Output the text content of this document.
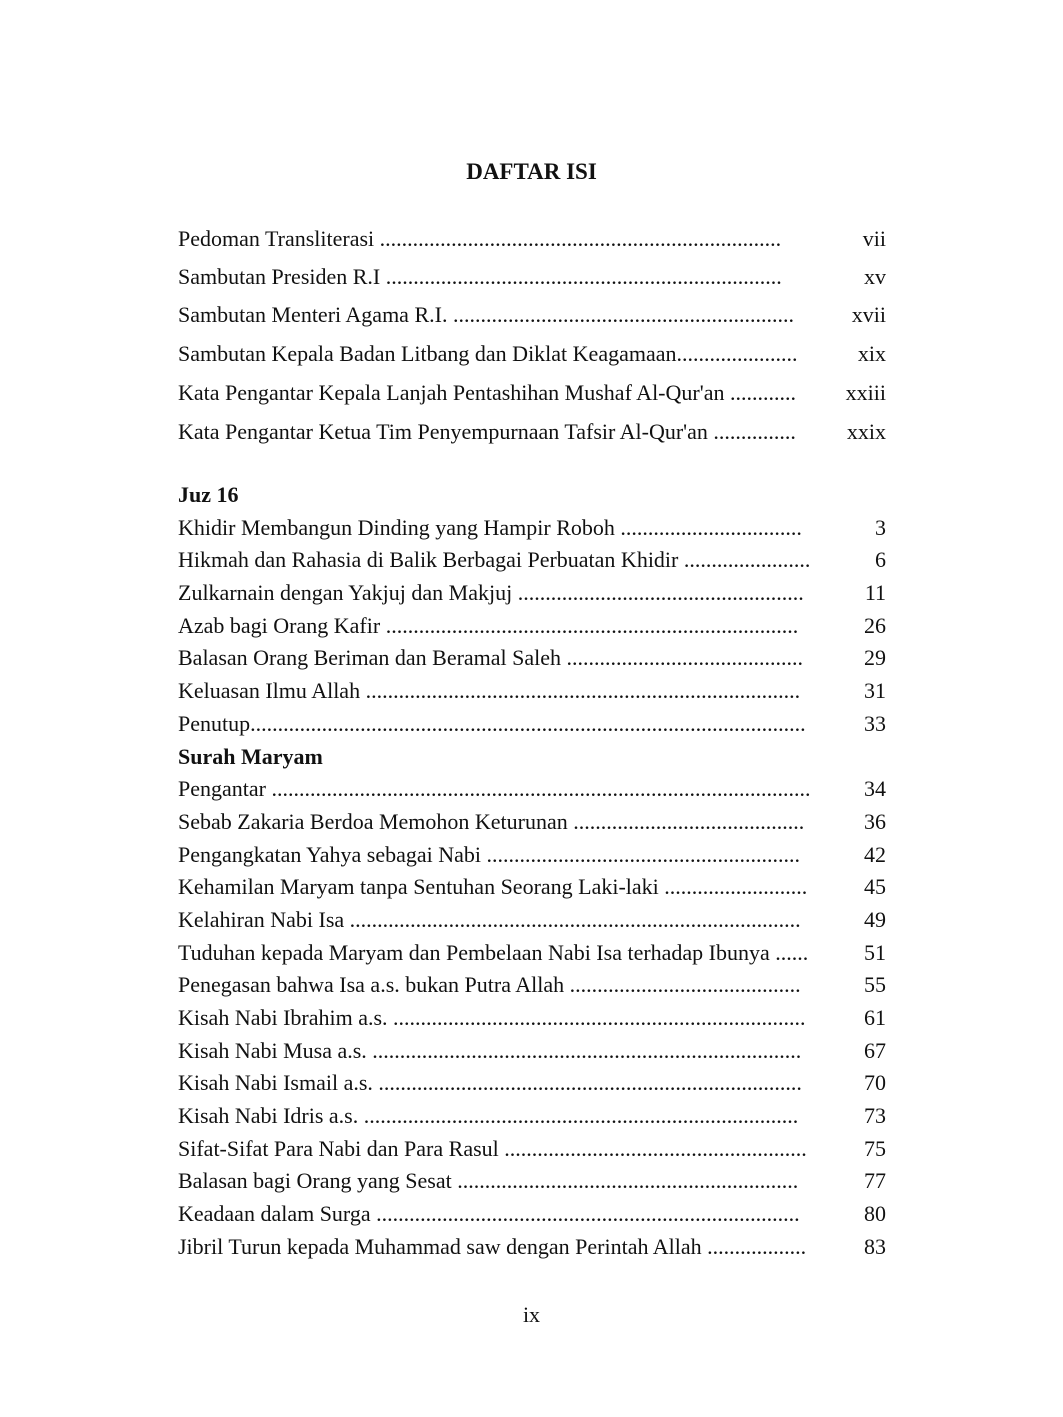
DAFTAR ISI
Pedoman Transliterasi .........................................................................	vii
Sambutan Presiden R.I ........................................................................	xv
Sambutan Menteri Agama R.I. ..............................................................	xvii
Sambutan Kepala Badan Litbang dan Diklat Keagamaan......................	xix
Kata Pengantar Kepala Lanjah Pentashihan Mushaf Al-Qur'an ............	xxiii
Kata Pengantar Ketua Tim Penyempurnaan Tafsir Al-Qur'an ...............	xxix
Juz 16
Khidir Membangun Dinding yang Hampir Roboh .................................	3
Hikmah dan Rahasia di Balik Berbagai Perbuatan Khidir .......................	6
Zulkarnain dengan Yakjuj dan Makjuj ....................................................	11
Azab bagi Orang Kafir ...........................................................................	26
Balasan Orang Beriman dan Beramal Saleh ...........................................	29
Keluasan Ilmu Allah ...............................................................................	31
Penutup.....................................................................................................	33
Surah Maryam
Pengantar ..................................................................................................	34
Sebab Zakaria Berdoa Memohon Keturunan ..........................................	36
Pengangkatan Yahya sebagai Nabi .........................................................	42
Kehamilan Maryam tanpa Sentuhan Seorang Laki-laki ..........................	45
Kelahiran Nabi Isa ..................................................................................	49
Tuduhan kepada Maryam dan Pembelaan Nabi Isa terhadap Ibunya ......	51
Penegasan bahwa Isa a.s. bukan Putra Allah ..........................................	55
Kisah Nabi Ibrahim a.s. ...........................................................................	61
Kisah Nabi Musa a.s. ..............................................................................	67
Kisah Nabi Ismail a.s. .............................................................................	70
Kisah Nabi Idris a.s. ...............................................................................	73
Sifat-Sifat Para Nabi dan Para Rasul .......................................................	75
Balasan bagi Orang yang Sesat ..............................................................	77
Keadaan dalam Surga .............................................................................	80
Jibril Turun kepada Muhammad saw dengan Perintah Allah ..................	83
ix
